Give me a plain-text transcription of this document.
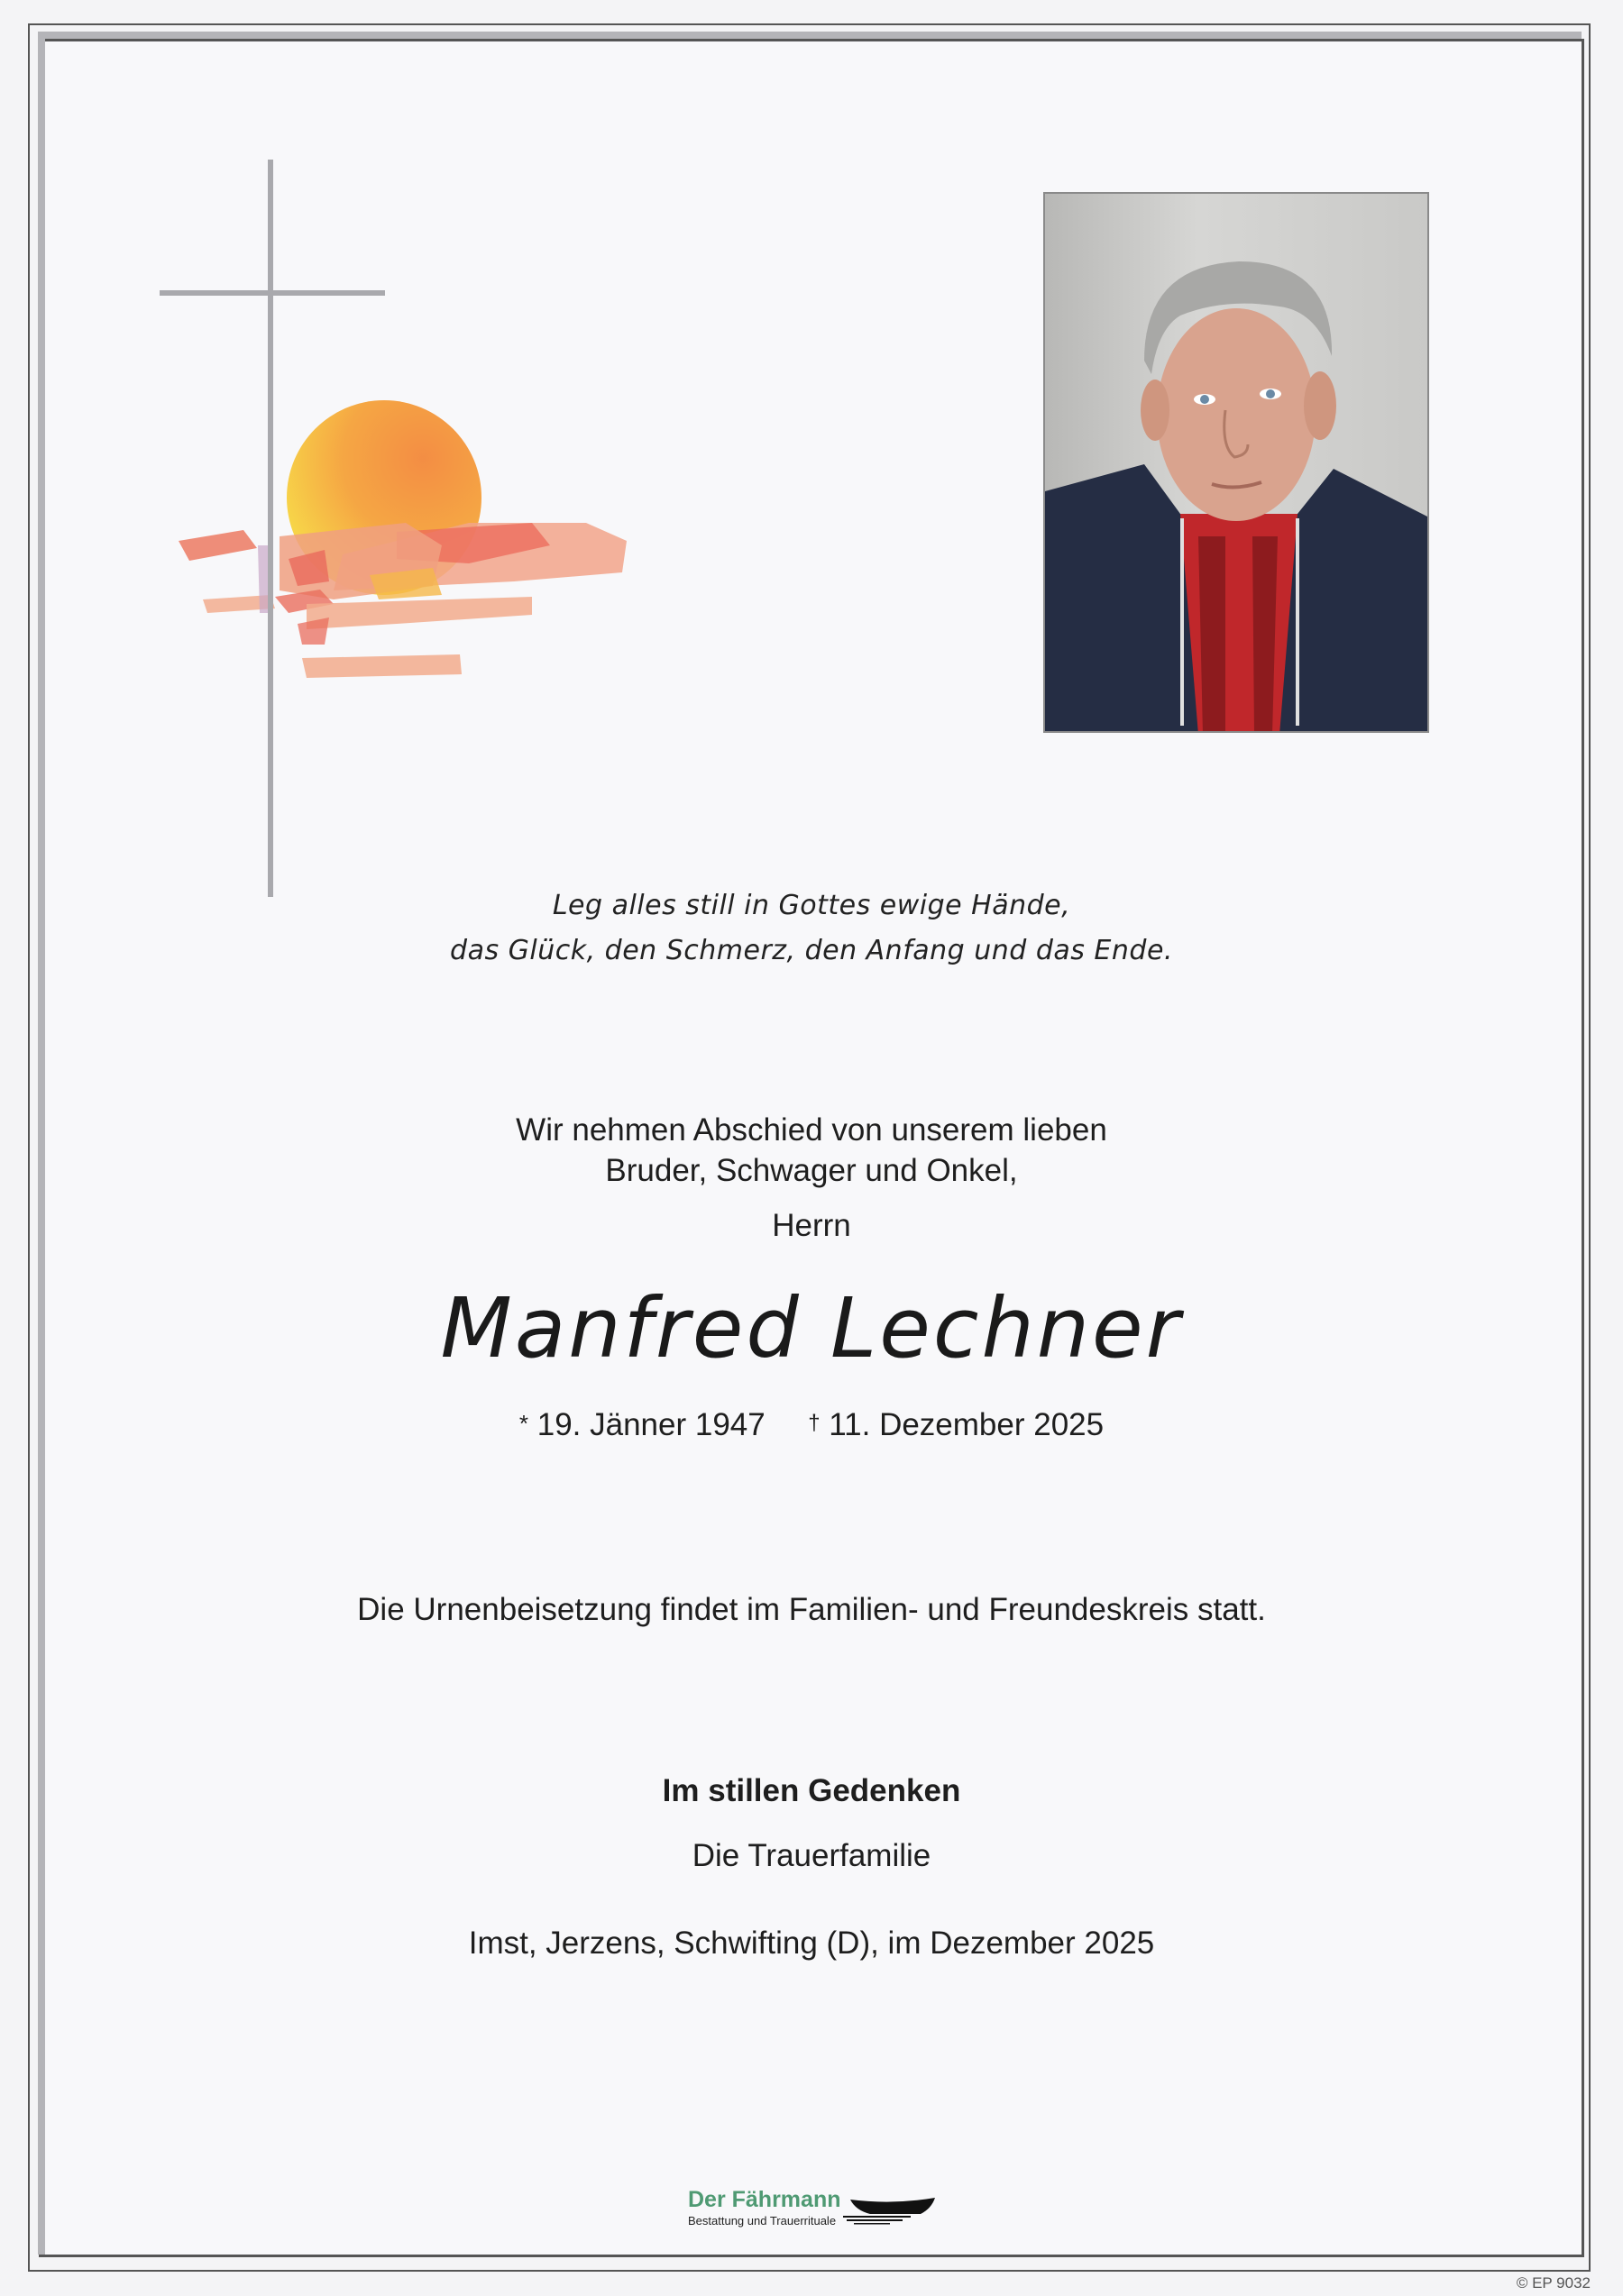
Leg alles still in Gottes ewige Hände,
das Glück, den Schmerz, den Anfang und das Ende.
Wir nehmen Abschied von unserem lieben
Bruder, Schwager und Onkel,
Herrn
Manfred Lechner
* 19. Jänner 1947 † 11. Dezember 2025
Die Urnenbeisetzung findet im Familien- und Freundeskreis statt.
Im stillen Gedenken
Die Trauerfamilie
Imst, Jerzens, Schwifting (D), im Dezember 2025
Der Fährmann
Bestattung und Trauerrituale
© EP 9032
